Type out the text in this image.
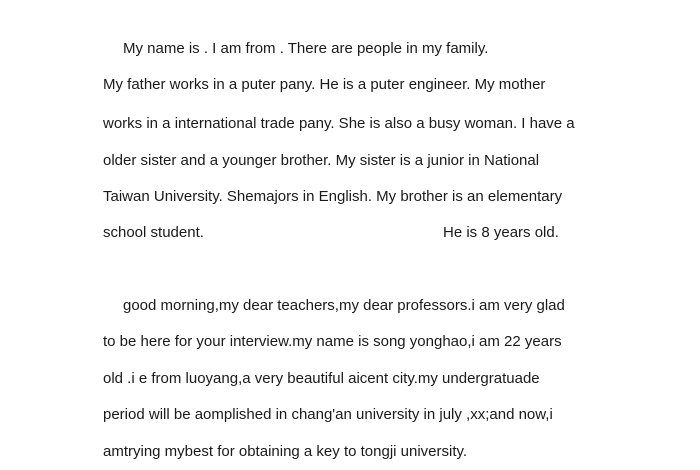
My name is . I am from . There are people in my family.
My father works in a puter pany. He is a puter engineer. My mother
works in a international trade pany. She is also a busy woman. I have a
older sister and a younger brother. My sister is a junior in National
Taiwan University. Shemajors in English. My brother is an elementary
school student.	He is 8 years old.
good morning,my dear teachers,my dear professors.i am very glad
to be here for your interview.my name is song yonghao,i am 22 years
old .i e from luoyang,a very beautiful aicent city.my undergratuade
period will be aomplished in chang'an university in july ,xx;and now,i
amtrying mybest for obtaining a key to tongji university.
